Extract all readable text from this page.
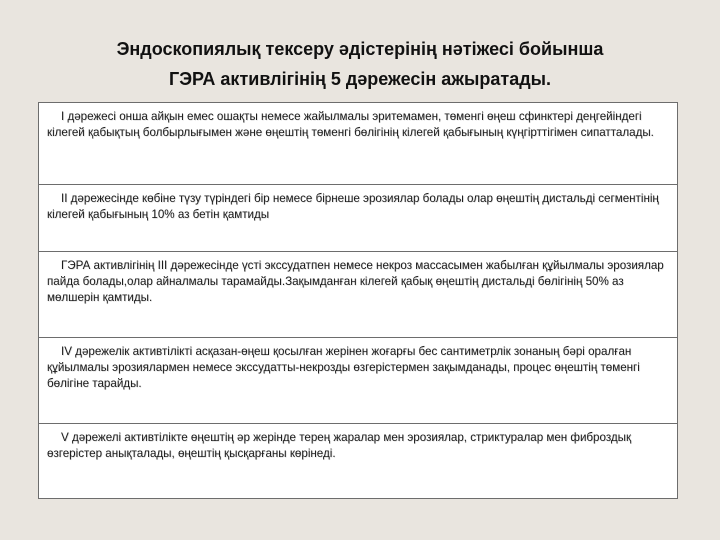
Эндоскопиялық тексеру әдістерінің нәтіжесі бойынша
ГЭРА активлігінің 5 дәрежесін ажыратады.
I дәрежесі онша айқын емес ошақты немесе жайылмалы эритемамен, төменгі өңеш сфинктері деңгейіндегі кілегей қабықтың болбырлығымен және өңештің төменгі бөлігінің кілегей қабығының күңгірттігімен сипатталады.
II дәрежесінде көбіне түзу түріндегі бір немесе бірнеше эрозиялар болады олар өңештің дистальді сегментінің кілегей қабығының 10% аз бетін қамтиды
ГЭРА активлігінің III дәрежесінде үсті экссудатпен немесе некроз массасымен жабылған құйылмалы эрозиялар пайда болады,олар айналмалы тарамайды.Зақымданған кілегей қабық өңештің дистальді бөлігінің 50% аз мөлшерін қамтиды.
IV дәрежелік активтілікті асқазан-өңеш қосылған жерінен жоғарғы бес сантиметрлік зонаның бәрі оралған құйылмалы эрозиялармен немесе экссудатты-некрозды өзгерістермен зақымданады, процес өңештің төменгі бөлігіне тарайды.
V дәрежелі активтілікте өңештің әр жерінде терең жаралар мен эрозиялар, стриктуралар мен фиброздық өзгерістер анықталады, өңештің қысқарғаны көрінеді.
